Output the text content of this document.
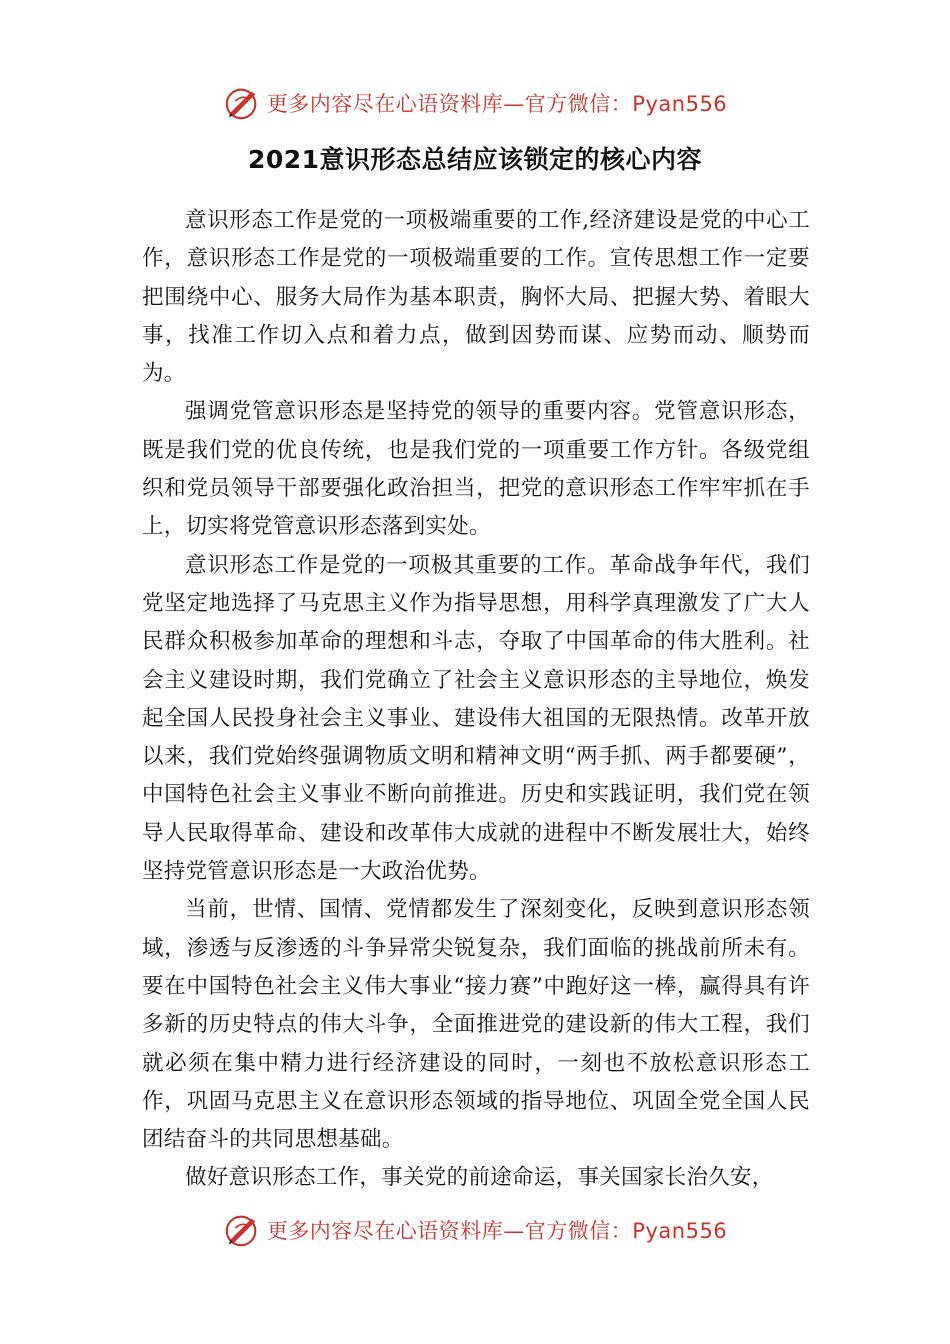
更多内容尽在心语资料库—官方微信：Pyan556
2021意识形态总结应该锁定的核心内容

意识形态工作是党的一项极端重要的工作,经济建设是党的中心工作，意识形态工作是党的一项极端重要的工作。宣传思想工作一定要把围绕中心、服务大局作为基本职责，胸怀大局、把握大势、着眼大事，找准工作切入点和着力点，做到因势而谋、应势而动、顺势而为。

强调党管意识形态是坚持党的领导的重要内容。党管意识形态，既是我们党的优良传统，也是我们党的一项重要工作方针。各级党组织和党员领导干部要强化政治担当，把党的意识形态工作牢牢抓在手上，切实将党管意识形态落到实处。

意识形态工作是党的一项极其重要的工作。革命战争年代，我们党坚定地选择了马克思主义作为指导思想，用科学真理激发了广大人民群众积极参加革命的理想和斗志，夺取了中国革命的伟大胜利。社会主义建设时期，我们党确立了社会主义意识形态的主导地位，焕发起全国人民投身社会主义事业、建设伟大祖国的无限热情。改革开放以来，我们党始终强调物质文明和精神文明“两手抓、两手都要硬”，中国特色社会主义事业不断向前推进。历史和实践证明，我们党在领导人民取得革命、建设和改革伟大成就的进程中不断发展壮大，始终坚持党管意识形态是一大政治优势。

当前，世情、国情、党情都发生了深刻变化，反映到意识形态领域，渗透与反渗透的斗争异常尖锐复杂，我们面临的挑战前所未有。要在中国特色社会主义伟大事业“接力赛”中跑好这一棒，赢得具有许多新的历史特点的伟大斗争，全面推进党的建设新的伟大工程，我们就必须在集中精力进行经济建设的同时，一刻也不放松意识形态工作，巩固马克思主义在意识形态领域的指导地位、巩固全党全国人民团结奋斗的共同思想基础。

做好意识形态工作，事关党的前途命运，事关国家长治久安，

更多内容尽在心语资料库—官方微信：Pyan556
